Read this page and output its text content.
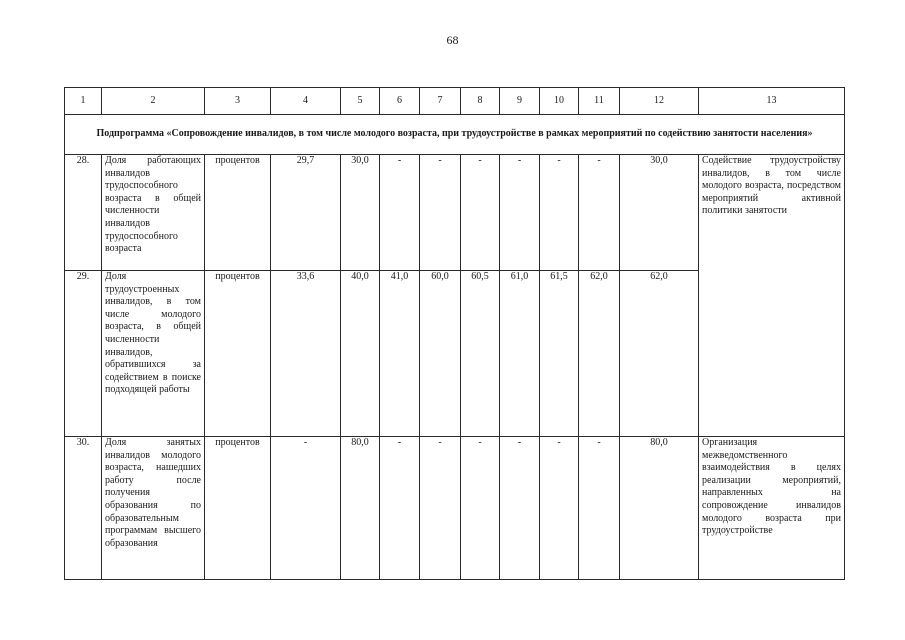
68
1	2	3	4	5	6	7	8	9	10	11	12	13
Подпрограмма «Сопровождение инвалидов, в том числе молодого возраста, при трудоустройстве в рамках мероприятий по содействию занятости населения»												
28.	Доля работающих инвалидов трудоспособного возраста в общей численности инвалидов трудоспособного возраста	процентов	29,7	30,0	-	-	-	-	-	-	30,0	Содействие трудоустройству инвалидов, в том числе молодого возраста, посредством мероприятий активной политики занятости
29.	Доля трудоустроенных инвалидов, в том числе молодого возраста, в общей численности инвалидов, обратившихся за содействием в поиске подходящей работы	процентов	33,6	40,0	41,0	60,0	60,5	61,0	61,5	62,0	62,0	
30.	Доля занятых инвалидов молодого возраста, нашедших работу после получения образования по образовательным программам высшего образования	процентов	-	80,0	-	-	-	-	-	-	80,0	Организация межведомственного взаимодействия в целях реализации мероприятий, направленных на сопровождение инвалидов молодого возраста при трудоустройстве
